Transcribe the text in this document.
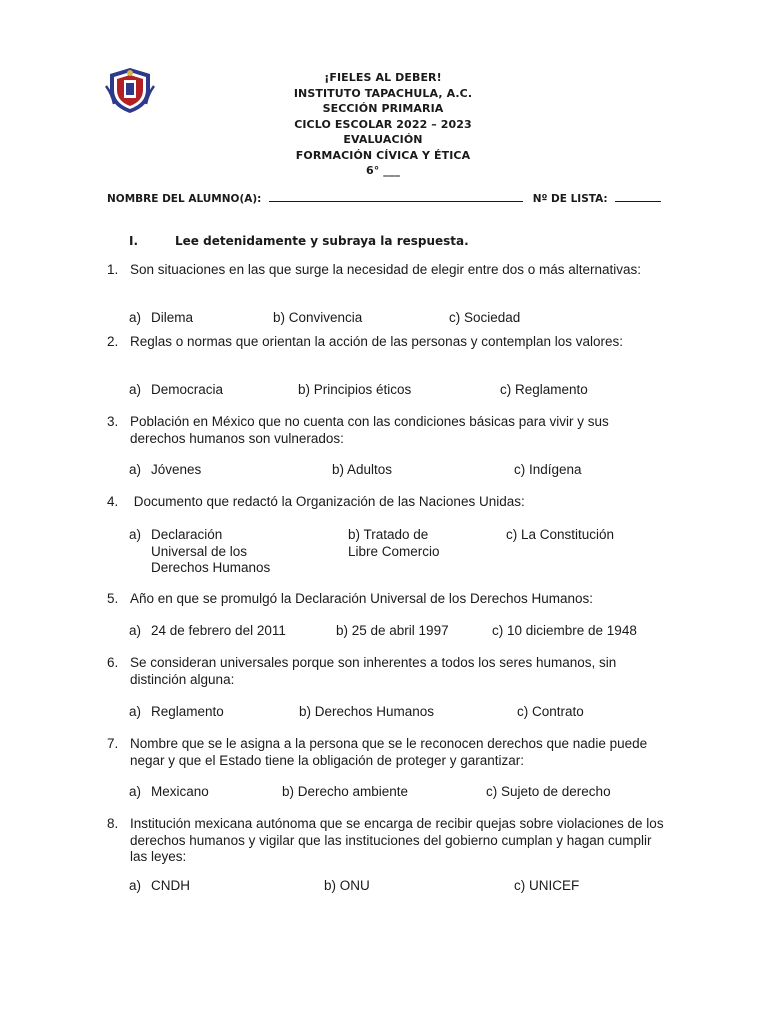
¡FIELES AL DEBER!
INSTITUTO TAPACHULA, A.C.
SECCIÓN PRIMARIA
CICLO ESCOLAR 2022 – 2023
EVALUACIÓN
FORMACIÓN CÍVICA Y ÉTICA
6° ___
NOMBRE DEL ALUMNO(A):	Nº DE LISTA:
I.	Lee detenidamente y subraya la respuesta.
1. Son situaciones en las que surge la necesidad de elegir entre dos o más alternativas:
a) Dilema	b) Convivencia	c) Sociedad
2. Reglas o normas que orientan la acción de las personas y contemplan los valores:
a) Democracia	b) Principios éticos	c) Reglamento
3. Población en México que no cuenta con las condiciones básicas para vivir y sus derechos humanos son vulnerados:
a) Jóvenes	b) Adultos	c) Indígena
4. Documento que redactó la Organización de las Naciones Unidas:
a) Declaración Universal de los Derechos Humanos
b) Tratado de Libre Comercio
c) La Constitución
5. Año en que se promulgó la Declaración Universal de los Derechos Humanos:
a) 24 de febrero del 2011	b) 25 de abril 1997	c) 10 diciembre de 1948
6. Se consideran universales porque son inherentes a todos los seres humanos, sin distinción alguna:
a) Reglamento	b) Derechos Humanos	c) Contrato
7. Nombre que se le asigna a la persona que se le reconocen derechos que nadie puede negar y que el Estado tiene la obligación de proteger y garantizar:
a) Mexicano	b) Derecho ambiente	c) Sujeto de derecho
8. Institución mexicana autónoma que se encarga de recibir quejas sobre violaciones de los derechos humanos y vigilar que las instituciones del gobierno cumplan y hagan cumplir las leyes:
a) CNDH	b) ONU	c) UNICEF
